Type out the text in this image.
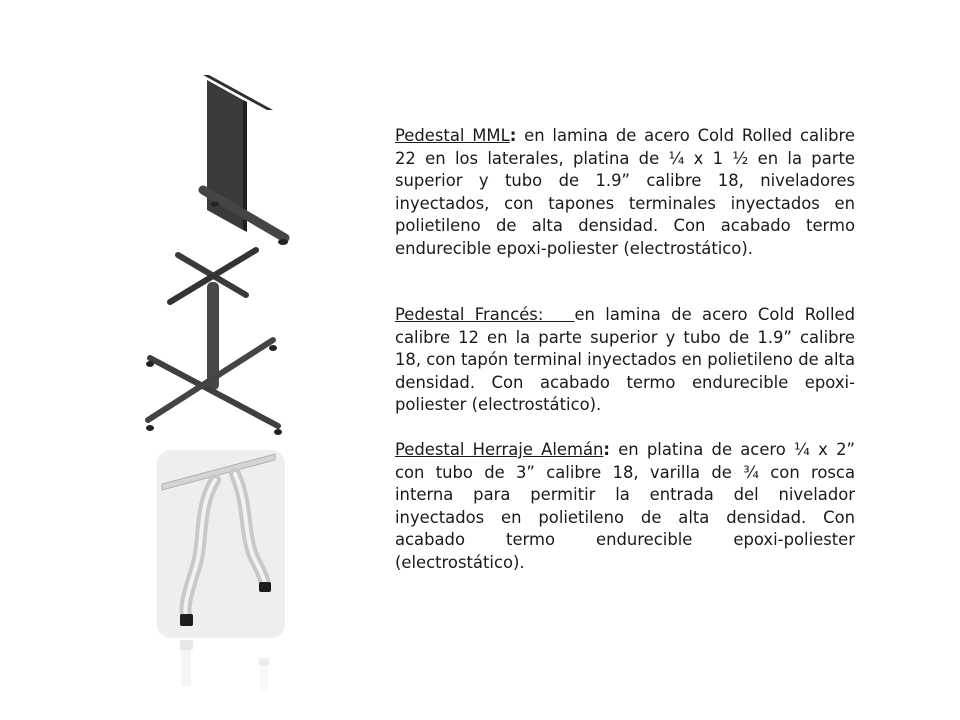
Pedestal MML: en lamina de acero Cold Rolled calibre 22 en los laterales, platina de ¼ x 1 ½ en la parte superior y tubo de 1.9” calibre 18, niveladores inyectados, con tapones terminales inyectados en polietileno de alta densidad. Con acabado termo endurecible epoxi-poliester (electrostático).

Pedestal Francés:   en lamina de acero Cold Rolled calibre 12 en la parte superior y tubo de 1.9” calibre 18, con tapón terminal inyectados en polietileno de alta densidad. Con acabado termo endurecible epoxi-poliester (electrostático).

Pedestal Herraje Alemán: en platina de acero ¼ x 2” con tubo de 3” calibre 18, varilla de ¾ con rosca interna para permitir la entrada del nivelador inyectados en polietileno de alta densidad. Con acabado termo endurecible epoxi-poliester (electrostático).
